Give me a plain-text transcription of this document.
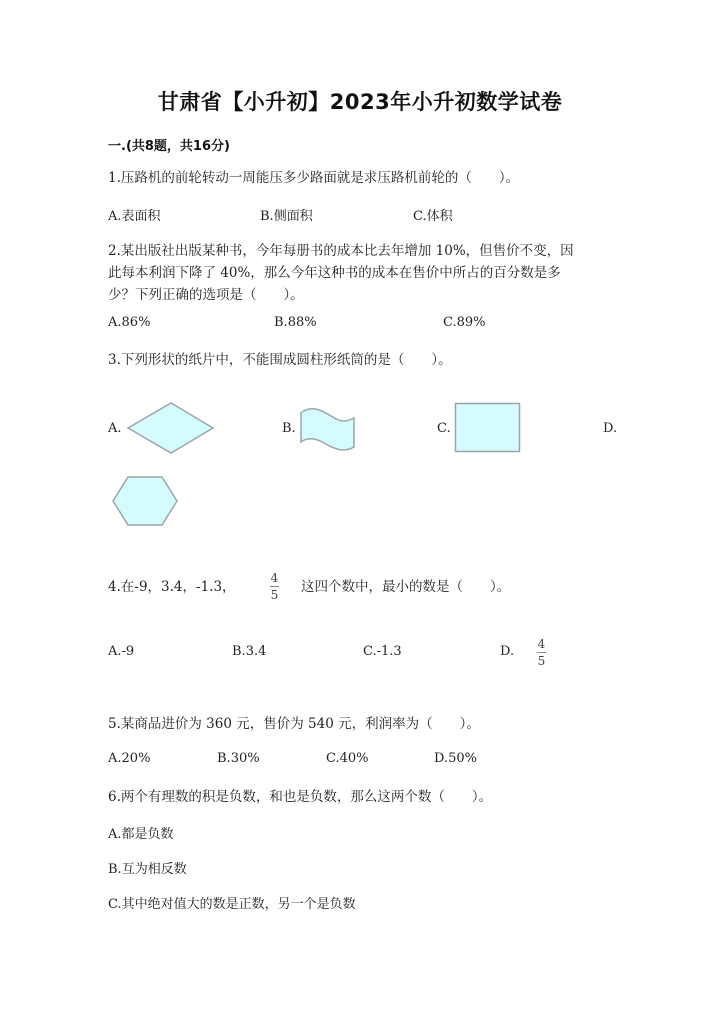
甘肃省【小升初】2023年小升初数学试卷
一.(共8题，共16分)
1.压路机的前轮转动一周能压多少路面就是求压路机前轮的（　　）。
A.表面积	B.侧面积	C.体积
2.某出版社出版某种书，今年每册书的成本比去年增加 10%，但售价不变，因
此每本利润下降了 40%，那么今年这种书的成本在售价中所占的百分数是多
少？下列正确的选项是（　　）。
A.86%	B.88%	C.89%
3.下列形状的纸片中，不能围成圆柱形纸筒的是（　　）。
A.	B.	C.	D.
4.在-9，3.4，-1.3，
4
5 这四个数中，最小的数是（　　）。
A.-9	B.3.4	C.-1.3	D. 4
5
5.某商品进价为 360 元，售价为 540 元，利润率为（　　）。
A.20%	B.30%	C.40%	D.50%
6.两个有理数的积是负数，和也是负数，那么这两个数（　　）。
A.都是负数
B.互为相反数
C.其中绝对值大的数是正数，另一个是负数
